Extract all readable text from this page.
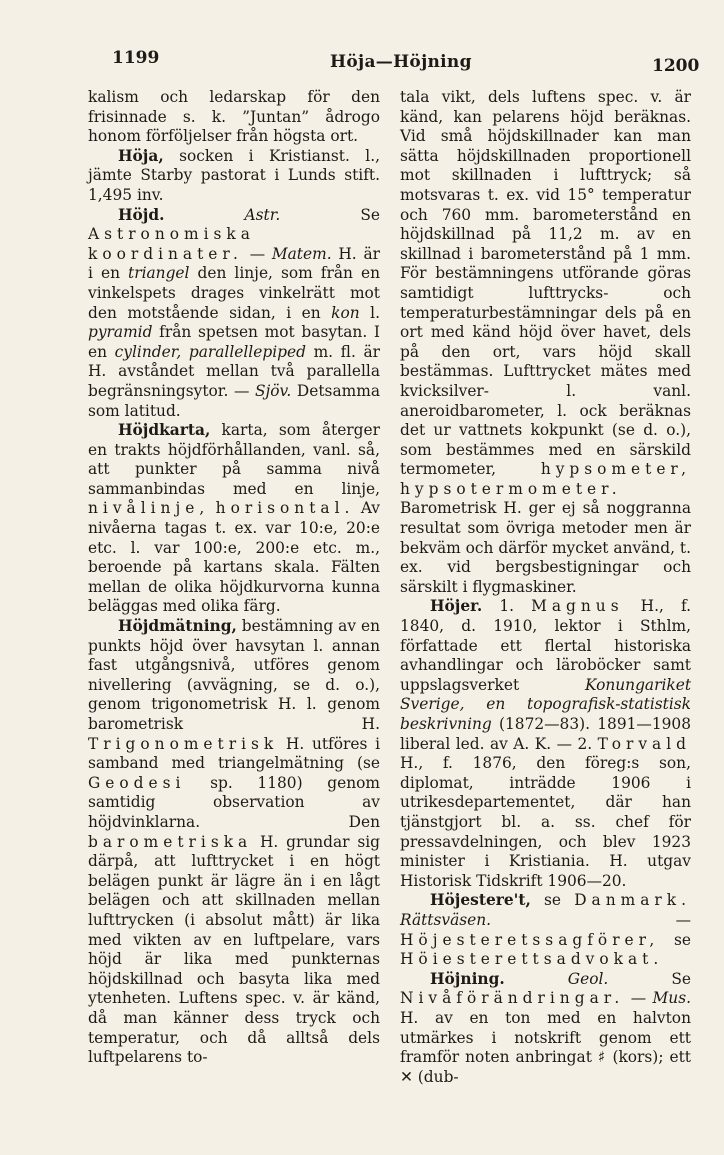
1199	Höja—Höjning	1200

kalism och ledarskap för den frisinnade s. k. ”Juntan” ådrogo honom förföljelser från högsta ort.

Höja, socken i Kristianst. l., jämte Starby pastorat i Lunds stift. 1,495 inv.

Höjd.	Astr. Se Astronomiska koordinater. — Matem. H. är i en triangel den linje, som från en vinkelspets drages vinkelrätt mot den motstående sidan, i en kon l. pyramid från spetsen mot basytan. I en cylinder, parallellepiped m. fl. är H. avståndet mellan två parallella begränsningsytor. — Sjöv. Detsamma som latitud.

Höjdkarta, karta, som återger en trakts höjdförhållanden, vanl. så, att punkter på samma nivå sammanbindas med en linje, nivålinje, horisontal. Av nivåerna tagas t. ex. var 10:e, 20:e etc. l. var 100:e, 200:e etc. m., beroende på kartans skala. Fälten mellan de olika höjdkurvorna kunna beläggas med olika färg.

Höjdmätning, bestämning av en punkts höjd över havsytan l. annan fast utgångsnivå, utföres genom nivellering (avvägning, se d. o.), genom trigonometrisk H. l. genom barometrisk H. Trigonometrisk H. utföres i samband med triangelmätning (se Geodesi sp. 1180) genom samtidig observation av höjdvinklarna. Den barometriska H. grundar sig därpå, att lufttrycket i en högt belägen punkt är lägre än i en lågt belägen och att skillnaden mellan lufttrycken (i absolut mått) är lika med vikten av en luftpelare, vars höjd är lika med punkternas höjdskillnad och basyta lika med ytenheten. Luftens spec. v. är känd, då man känner dess tryck och temperatur, och då alltså dels luftpelarens to-

tala vikt, dels luftens spec. v. är känd, kan pelarens höjd beräknas. Vid små höjdskillnader kan man sätta höjdskillnaden proportionell mot skillnaden i lufttryck; så motsvaras t. ex. vid 15° temperatur och 760 mm. barometerstånd en höjdskillnad på 11,2 m. av en skillnad i barometerstånd på 1 mm. För bestämningens utförande göras samtidigt lufttrycks- och temperaturbestämningar dels på en ort med känd höjd över havet, dels på den ort, vars höjd skall bestämmas. Lufttrycket mätes med kvicksilver- l. vanl. aneroidbarometer, l. ock beräknas det ur vattnets kokpunkt (se d. o.), som bestämmes med en särskild termometer, hypsometer, hypsotermometer. Barometrisk H. ger ej så noggranna resultat som övriga metoder men är bekväm och därför mycket använd, t. ex. vid bergsbestigningar och särskilt i flygmaskiner.

Höjer. 1. Magnus H., f. 1840, d. 1910, lektor i Sthlm, författade ett flertal historiska avhandlingar och läroböcker samt uppslagsverket Konungariket Sverige, en topografisk-statistisk beskrivning (1872—83). 1891—1908 liberal led. av A. K. — 2. Torvald H., f. 1876, den föreg:s son, diplomat, inträdde 1906 i utrikesdepartementet, där han tjänstgjort bl. a. ss. chef för pressavdelningen, och blev 1923 minister i Kristiania. H. utgav Historisk Tidskrift 1906—20.

Höjestere't, se Danmark. Rättsväsen. — Höjesteretssagförer, se Höiesterettsadvokat.

Höjning.	Geol. Se Nivåförändringar. — Mus. H. av en ton med en halvton utmärkes i notskrift genom ett framför noten anbringat ♯ (kors); ett ✕ (dub-
